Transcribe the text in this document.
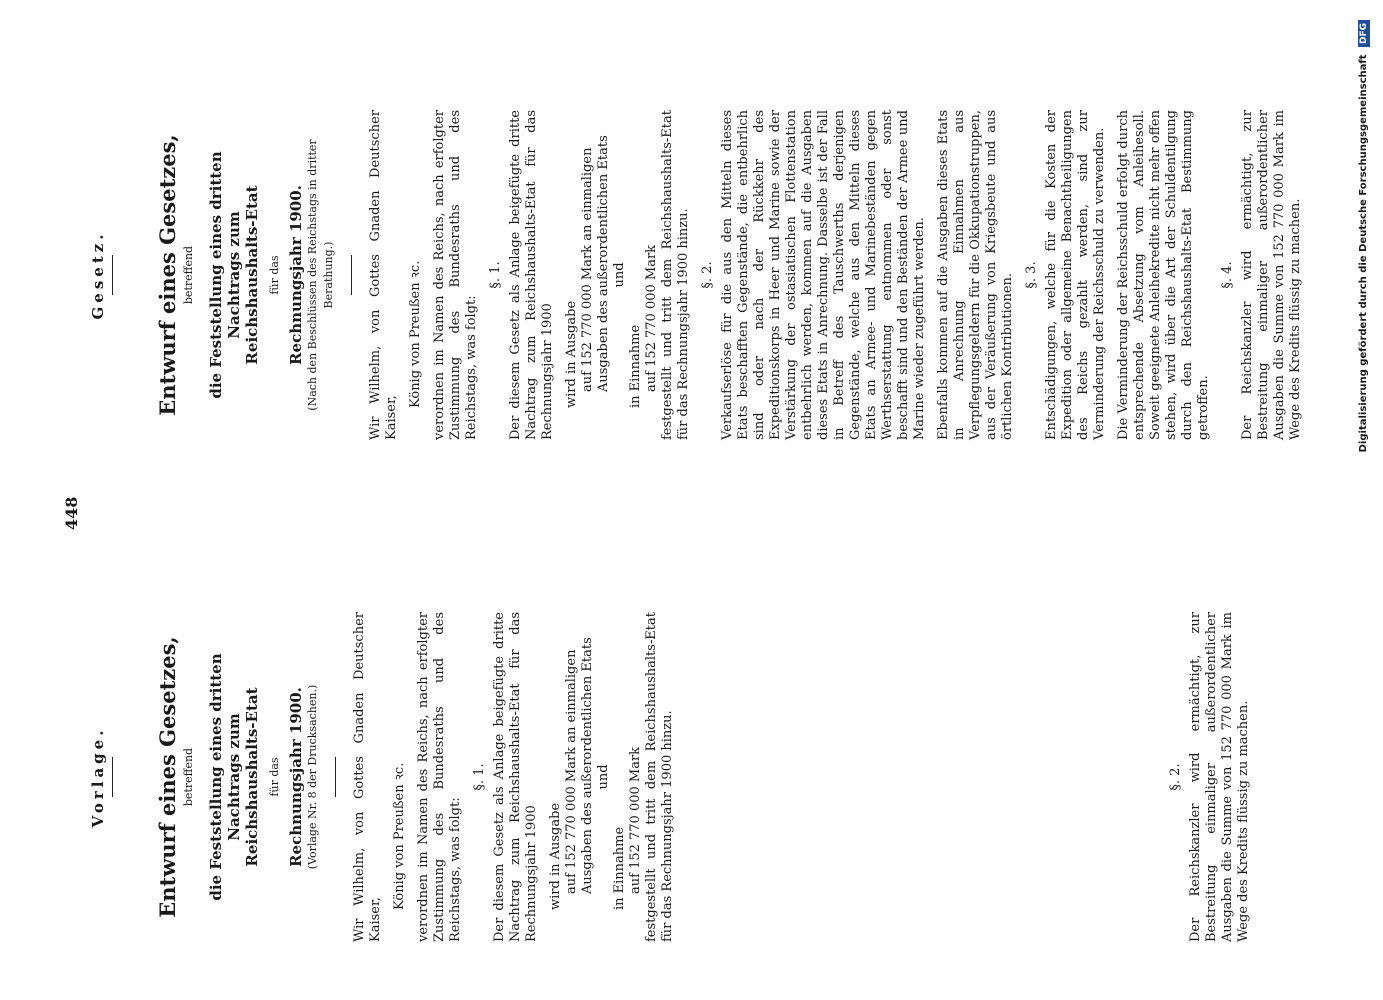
448
Vorlage. Entwurf eines Gesetzes, betreffend die Feststellung eines dritten Nachtrags zum Reichshaushalts-Etat für das Rechnungsjahr 1900. (Vorlage Nr. 8 der Drucksachen.)	Wir Wilhelm, von Gottes Gnaden Deutscher Kaiser,
König von Preußen ꝛc. verordnen im Namen des Reichs, nach erfolgter Zustimmung des Bundesraths und des Reichstags, was folgt:
§. 1. Der diesem Gesetz als Anlage beigefügte dritte Nachtrag zum Reichshaushalts-Etat für das Rechnungsjahr 1900 wird in Ausgabe auf 152 770 000 Mark an einmaligen Ausgaben des außerordentlichen Etats und
in Einnahme auf 152 770 000 Mark festgestellt und tritt dem Reichshaushalts-Etat für das Rechnungsjahr 1900 hinzu.	§. 2. Der Reichskanzler wird ermächtigt, zur Bestreitung einmaliger außerordentlicher Ausgaben die Summe von 152 770 000 Mark im Wege des Kredits flüssig zu machen.
Gesetz. Entwurf eines Gesetzes, betreffend die Feststellung eines dritten Nachtrags zum Reichshaushalts-Etat für das Rechnungsjahr 1900. (Nach den Beschlüssen des Reichstags in dritter Berathung.)	Wir Wilhelm, von Gottes Gnaden Deutscher Kaiser,
König von Preußen ꝛc. verordnen im Namen des Reichs, nach erfolgter Zustimmung des Bundesraths und des Reichstags, was folgt:
§. 1. Der diesem Gesetz als Anlage beigefügte dritte Nachtrag zum Reichshaushalts-Etat für das Rechnungsjahr 1900 wird in Ausgabe auf 152 770 000 Mark an einmaligen Ausgaben des außerordentlichen Etats und
in Einnahme auf 152 770 000 Mark festgestellt und tritt dem Reichshaushalts-Etat für das Rechnungsjahr 1900 hinzu. §. 2. Verkaufserlöse für die aus den Mitteln dieses Etats beschafften Gegenstände, die entbehrlich sind oder nach der Rückkehr des Expeditionskorps in Heer und Marine sowie der Verstärkung der ostasiatischen Flottenstation entbehrlich werden, kommen auf die Ausgaben dieses Etats in Anrechnung. Dasselbe ist der Fall in Betreff des Tauschwerths derjenigen Gegenstände, welche aus den Mitteln dieses Etats an Armee- und Marinebeständen gegen Werthserstattung entnommen oder sonst beschafft sind und den Beständen der Armee und Marine wieder zugeführt werden. Ebenfalls kommen auf die Ausgaben dieses Etats in Anrechnung Einnahmen aus Verpflegungsgeldern für die Okkupationstruppen, aus der Veräußerung von Kriegsbeute und aus örtlichen Kontributionen. §. 3. Entschädigungen, welche für die Kosten der Expedition oder allgemeine Benachtheiligungen des Reichs gezahlt werden, sind zur Verminderung der Reichsschuld zu verwenden. Die Verminderung der Reichsschuld erfolgt durch entsprechende Absetzung vom Anleihesoll. Soweit geeignete Anleihekredite nicht mehr offen stehen, wird über die Art der Schuldentilgung durch den Reichshaushalts-Etat Bestimmung getroffen.
§. 4. Der Reichskanzler wird ermächtigt, zur Bestreitung einmaliger außerordentlicher Ausgaben die Summe von 152 770 000 Mark im Wege des Kredits flüssig zu machen.	Digitalisierung gefördert durch die Deutsche Forschungsgemeinschaft DFG
